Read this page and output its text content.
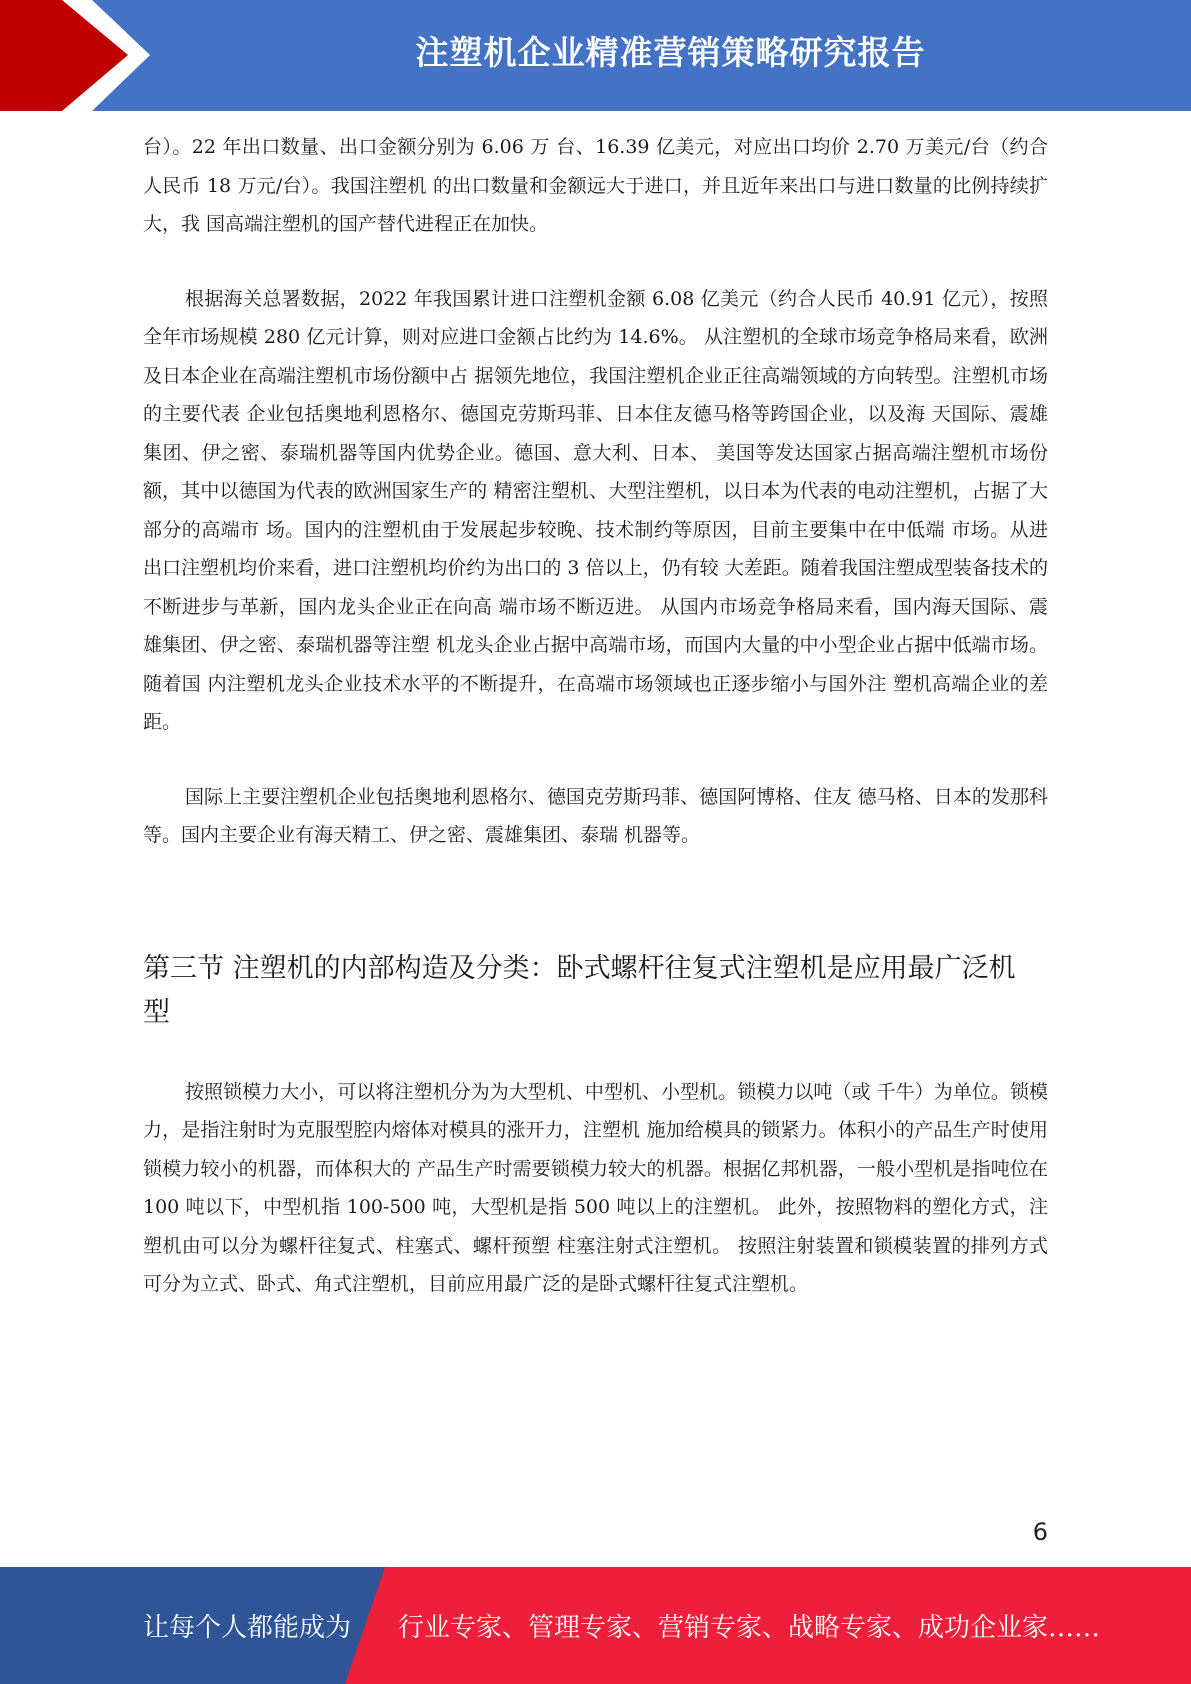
注塑机企业精准营销策略研究报告

台）。22 年出口数量、出口金额分别为 6.06 万 台、16.39 亿美元，对应出口均价 2.70 万美元/台（约合人民币 18 万元/台）。我国注塑机 的出口数量和金额远大于进口，并且近年来出口与进口数量的比例持续扩大，我 国高端注塑机的国产替代进程正在加快。

根据海关总署数据，2022 年我国累计进口注塑机金额 6.08 亿美元（约合人民币 40.91 亿元），按照全年市场规模 280 亿元计算，则对应进口金额占比约为 14.6%。 从注塑机的全球市场竞争格局来看，欧洲及日本企业在高端注塑机市场份额中占 据领先地位，我国注塑机企业正往高端领域的方向转型。注塑机市场的主要代表 企业包括奥地利恩格尔、德国克劳斯玛菲、日本住友德马格等跨国企业，以及海 天国际、震雄集团、伊之密、泰瑞机器等国内优势企业。德国、意大利、日本、 美国等发达国家占据高端注塑机市场份额，其中以德国为代表的欧洲国家生产的 精密注塑机、大型注塑机，以日本为代表的电动注塑机，占据了大部分的高端市 场。国内的注塑机由于发展起步较晚、技术制约等原因，目前主要集中在中低端 市场。从进出口注塑机均价来看，进口注塑机均价约为出口的 3 倍以上，仍有较 大差距。随着我国注塑成型装备技术的不断进步与革新，国内龙头企业正在向高 端市场不断迈进。 从国内市场竞争格局来看，国内海天国际、震雄集团、伊之密、泰瑞机器等注塑 机龙头企业占据中高端市场，而国内大量的中小型企业占据中低端市场。随着国 内注塑机龙头企业技术水平的不断提升，在高端市场领域也正逐步缩小与国外注 塑机高端企业的差距。

国际上主要注塑机企业包括奥地利恩格尔、德国克劳斯玛菲、德国阿博格、住友 德马格、日本的发那科等。国内主要企业有海天精工、伊之密、震雄集团、泰瑞 机器等。

第三节 注塑机的内部构造及分类：卧式螺杆往复式注塑机是应用最广泛机 型

按照锁模力大小，可以将注塑机分为为大型机、中型机、小型机。锁模力以吨（或 千牛）为单位。锁模力，是指注射时为克服型腔内熔体对模具的涨开力，注塑机 施加给模具的锁紧力。体积小的产品生产时使用锁模力较小的机器，而体积大的 产品生产时需要锁模力较大的机器。根据亿邦机器，一般小型机是指吨位在 100 吨以下，中型机指 100-500 吨，大型机是指 500 吨以上的注塑机。 此外，按照物料的塑化方式，注塑机由可以分为螺杆往复式、柱塞式、螺杆预塑 柱塞注射式注塑机。 按照注射装置和锁模装置的排列方式可分为立式、卧式、角式注塑机，目前应用最广泛的是卧式螺杆往复式注塑机。

6
让每个人都能成为 行业专家、管理专家、营销专家、战略专家、成功企业家……
